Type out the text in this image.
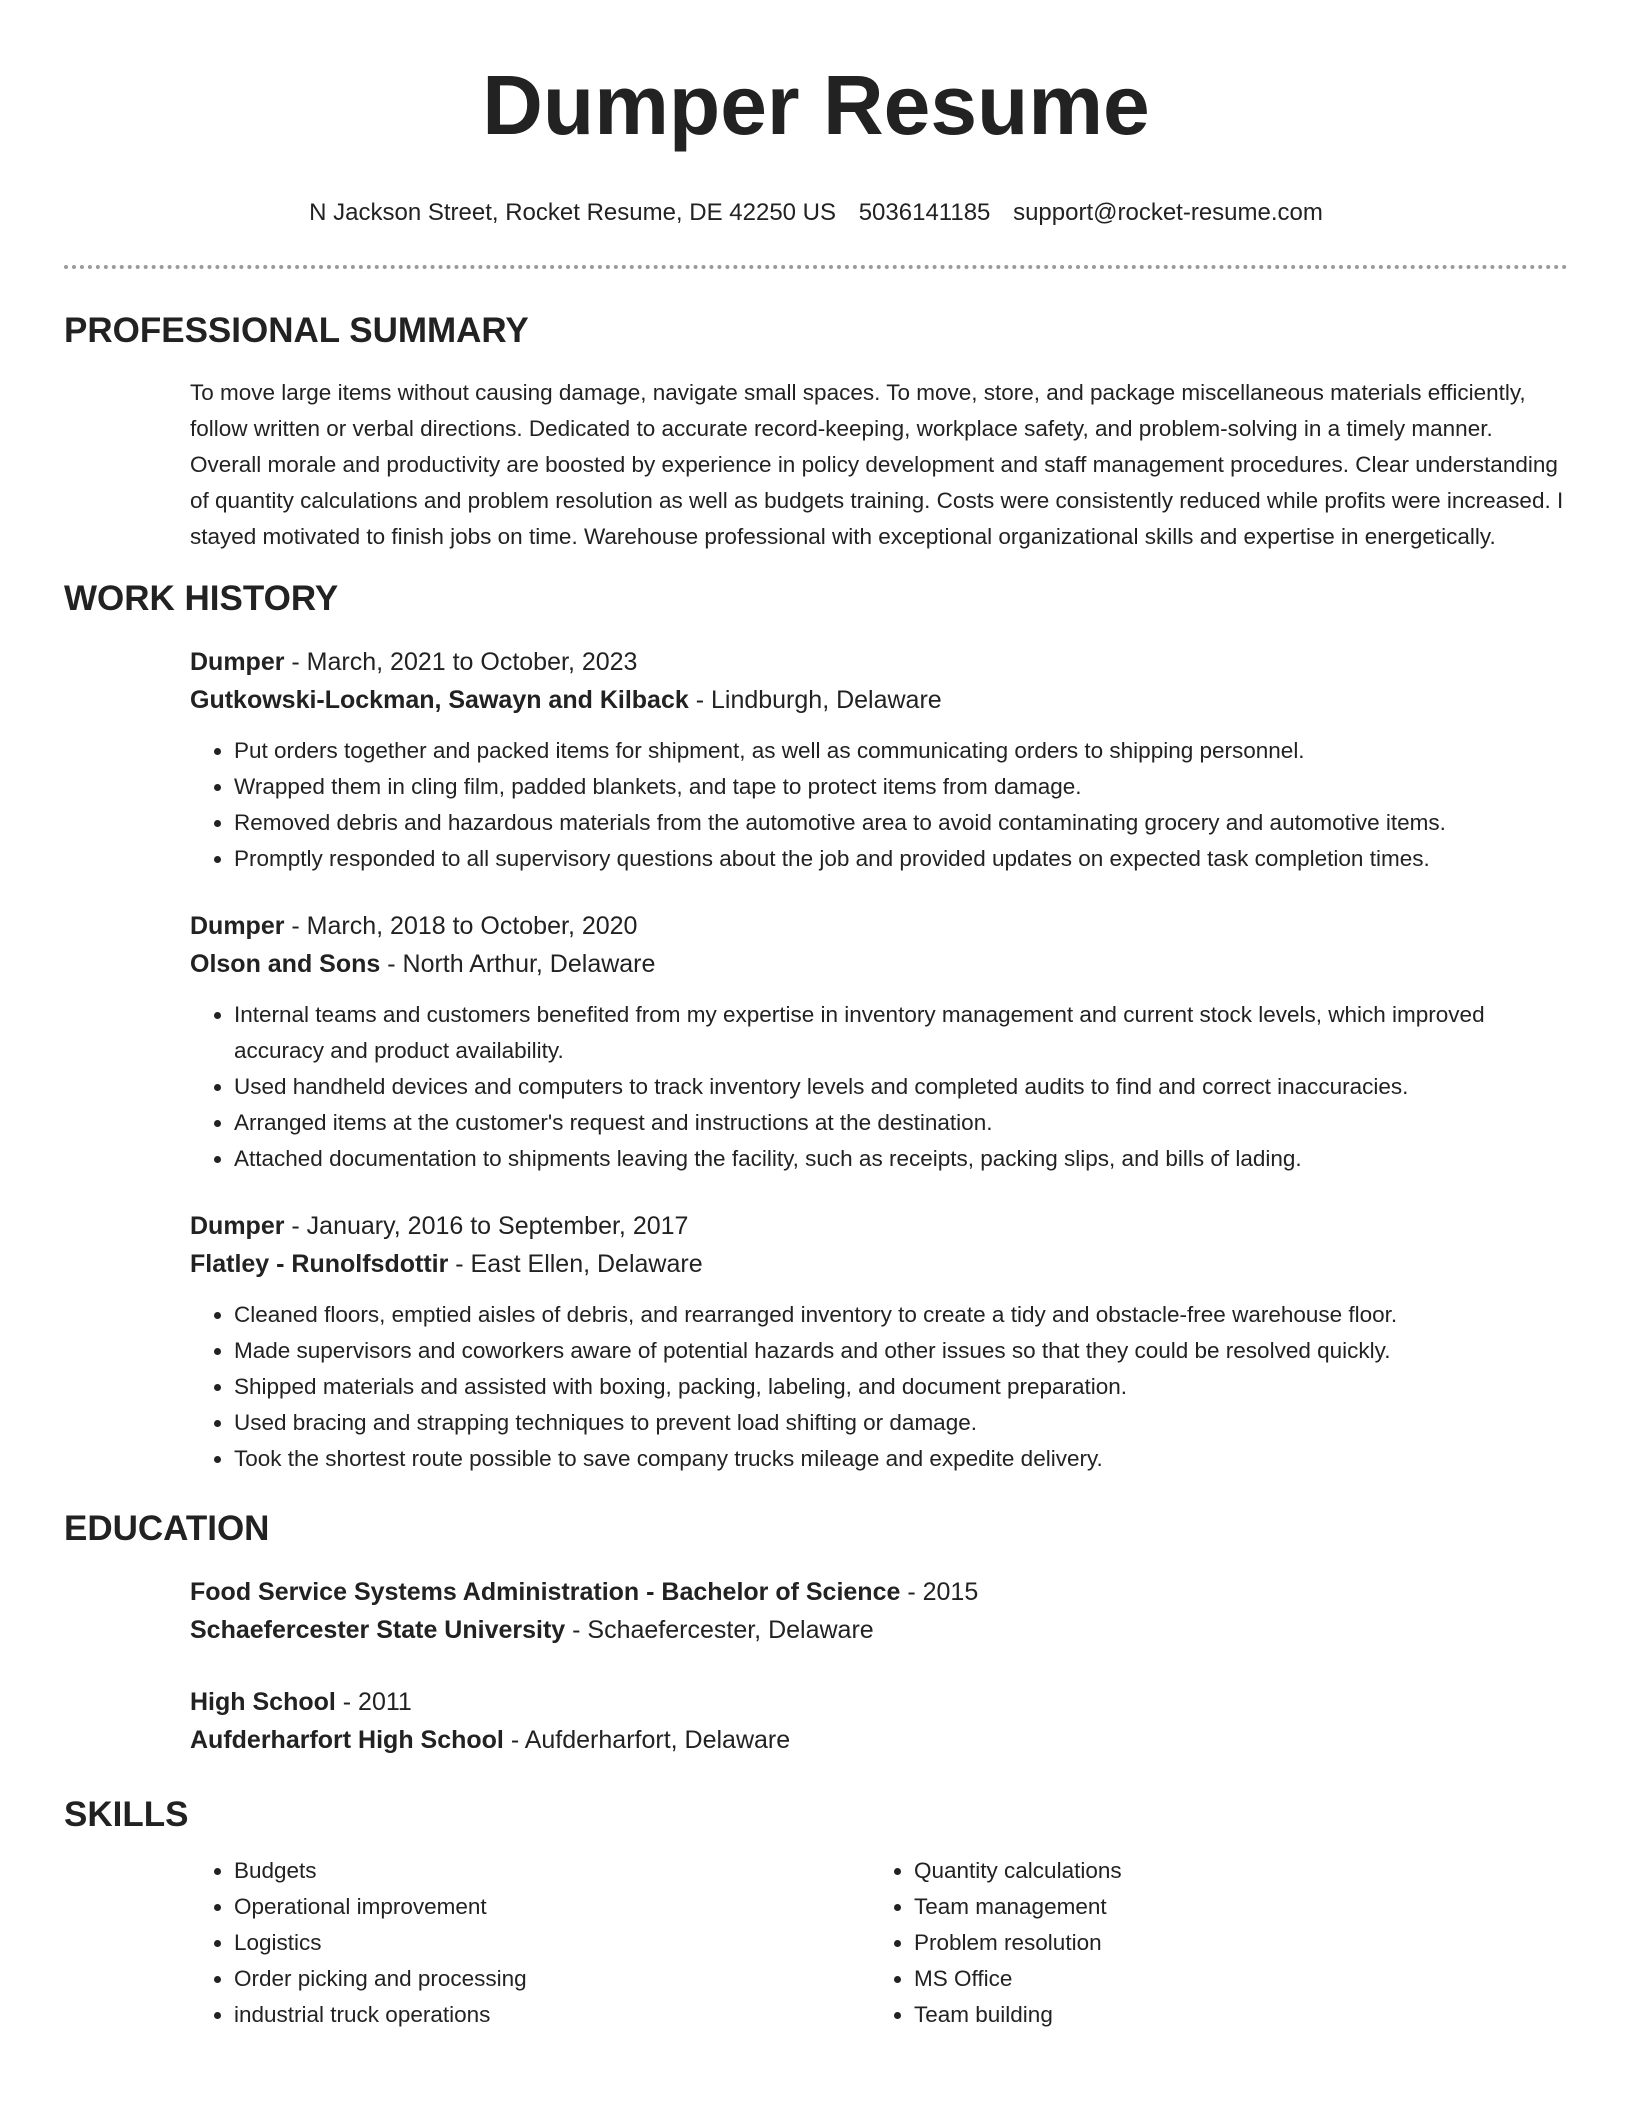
Dumper Resume
N Jackson Street, Rocket Resume, DE 42250 US 5036141185 support@rocket-resume.com
PROFESSIONAL SUMMARY

To move large items without causing damage, navigate small spaces. To move, store, and package miscellaneous materials efficiently, follow written or verbal directions. Dedicated to accurate record-keeping, workplace safety, and problem-solving in a timely manner. Overall morale and productivity are boosted by experience in policy development and staff management procedures. Clear understanding of quantity calculations and problem resolution as well as budgets training. Costs were consistently reduced while profits were increased. I stayed motivated to finish jobs on time. Warehouse professional with exceptional organizational skills and expertise in energetically.

WORK HISTORY
Dumper - March, 2021 to October, 2023
Gutkowski-Lockman, Sawayn and Kilback - Lindburgh, Delaware
• Put orders together and packed items for shipment, as well as communicating orders to shipping personnel.
• Wrapped them in cling film, padded blankets, and tape to protect items from damage.
• Removed debris and hazardous materials from the automotive area to avoid contaminating grocery and automotive items.
• Promptly responded to all supervisory questions about the job and provided updates on expected task completion times.
Dumper - March, 2018 to October, 2020
Olson and Sons - North Arthur, Delaware
• Internal teams and customers benefited from my expertise in inventory management and current stock levels, which improved accuracy and product availability.
• Used handheld devices and computers to track inventory levels and completed audits to find and correct inaccuracies.
• Arranged items at the customer's request and instructions at the destination.
• Attached documentation to shipments leaving the facility, such as receipts, packing slips, and bills of lading.
Dumper - January, 2016 to September, 2017
Flatley - Runolfsdottir - East Ellen, Delaware
• Cleaned floors, emptied aisles of debris, and rearranged inventory to create a tidy and obstacle-free warehouse floor.
• Made supervisors and coworkers aware of potential hazards and other issues so that they could be resolved quickly.
• Shipped materials and assisted with boxing, packing, labeling, and document preparation.
• Used bracing and strapping techniques to prevent load shifting or damage.
• Took the shortest route possible to save company trucks mileage and expedite delivery.
EDUCATION
Food Service Systems Administration - Bachelor of Science - 2015
Schaefercester State University - Schaefercester, Delaware
High School - 2011
Aufderharfort High School - Aufderharfort, Delaware
SKILLS
• Budgets
• Operational improvement
• Logistics
• Order picking and processing
• industrial truck operations
• Quantity calculations
• Team management
• Problem resolution
• MS Office
• Team building
